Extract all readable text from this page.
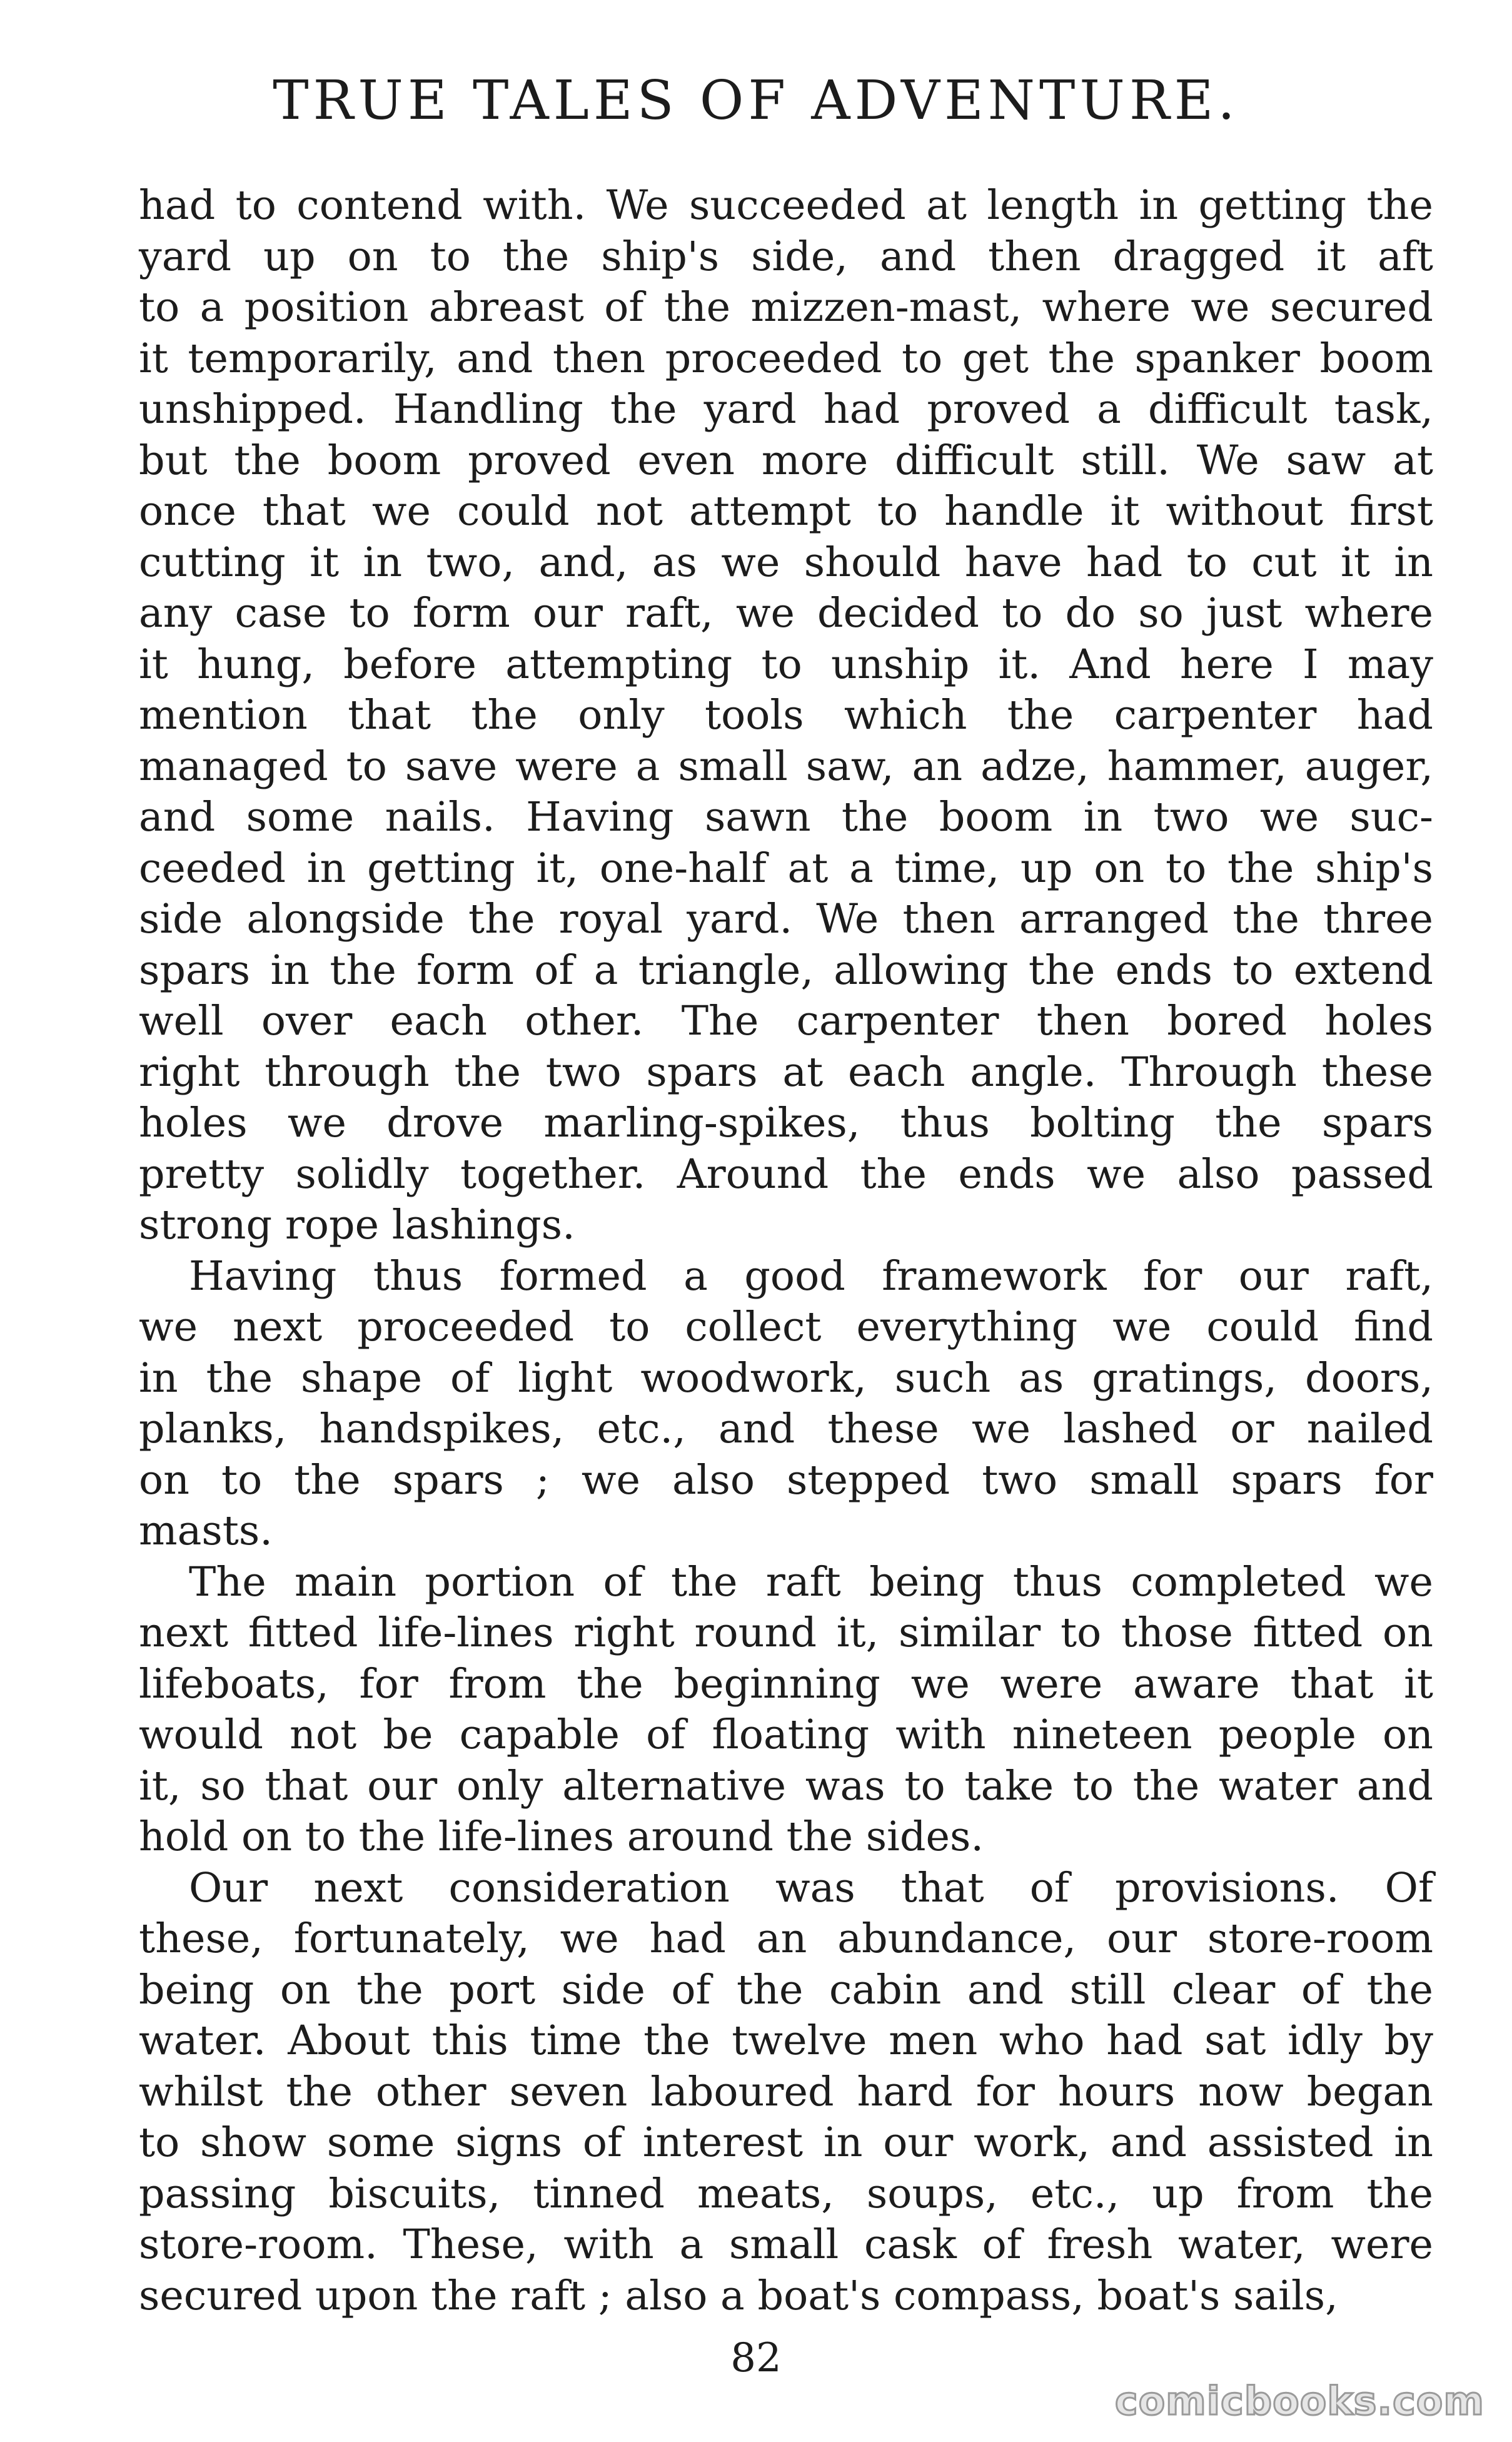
TRUE TALES OF ADVENTURE.
had to contend with. We succeeded at length in getting the
yard up on to the ship's side, and then dragged it aft
to a position abreast of the mizzen-mast, where we secured
it temporarily, and then proceeded to get the spanker boom
unshipped. Handling the yard had proved a difficult task,
but the boom proved even more difficult still. We saw at
once that we could not attempt to handle it without first
cutting it in two, and, as we should have had to cut it in
any case to form our raft, we decided to do so just where
it hung, before attempting to unship it. And here I may
mention that the only tools which the carpenter had
managed to save were a small saw, an adze, hammer, auger,
and some nails. Having sawn the boom in two we suc-
ceeded in getting it, one-half at a time, up on to the ship's
side alongside the royal yard. We then arranged the three
spars in the form of a triangle, allowing the ends to extend
well over each other. The carpenter then bored holes
right through the two spars at each angle. Through these
holes we drove marling-spikes, thus bolting the spars
pretty solidly together. Around the ends we also passed
strong rope lashings.
Having thus formed a good framework for our raft,
we next proceeded to collect everything we could find
in the shape of light woodwork, such as gratings, doors,
planks, handspikes, etc., and these we lashed or nailed
on to the spars ; we also stepped two small spars for
masts.
The main portion of the raft being thus completed we
next fitted life-lines right round it, similar to those fitted on
lifeboats, for from the beginning we were aware that it
would not be capable of floating with nineteen people on
it, so that our only alternative was to take to the water and
hold on to the life-lines around the sides.
Our next consideration was that of provisions. Of
these, fortunately, we had an abundance, our store-room
being on the port side of the cabin and still clear of the
water. About this time the twelve men who had sat idly by
whilst the other seven laboured hard for hours now began
to show some signs of interest in our work, and assisted in
passing biscuits, tinned meats, soups, etc., up from the
store-room. These, with a small cask of fresh water, were
secured upon the raft ; also a boat's compass, boat's sails,
82
comicbooks.com
